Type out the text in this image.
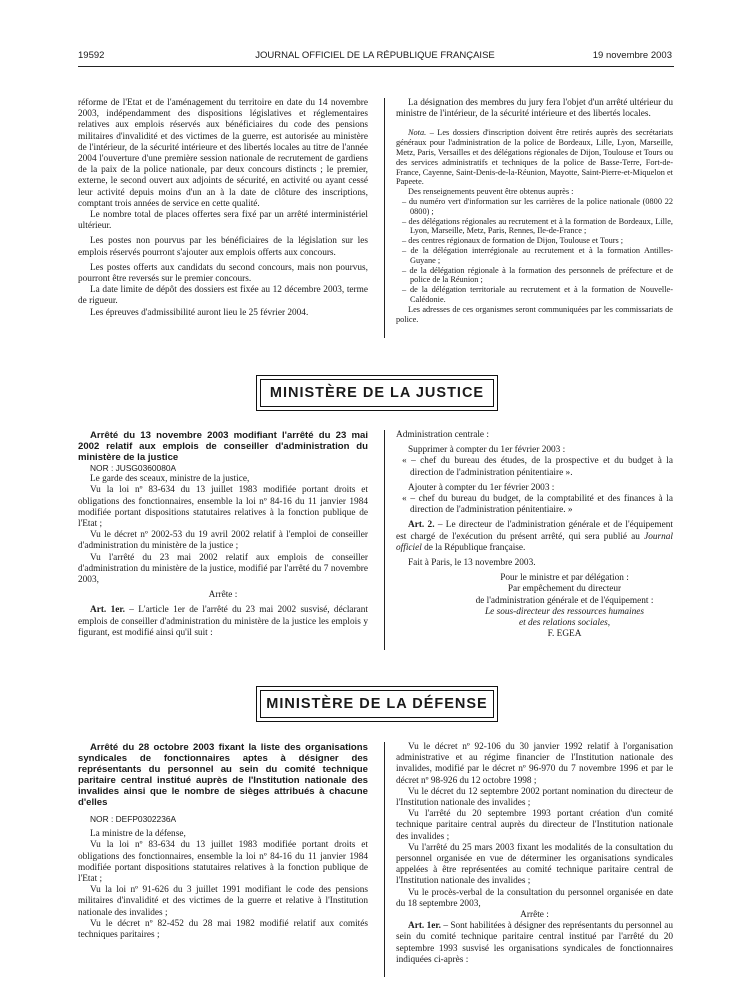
19592	JOURNAL OFFICIEL DE LA RÉPUBLIQUE FRANÇAISE	19 novembre 2003

réforme de l'Etat et de l'aménagement du territoire en date du 14 novembre 2003, indépendamment des dispositions législatives et réglementaires relatives aux emplois réservés aux bénéficiaires du code des pensions militaires d'invalidité et des victimes de la guerre, est autorisée au ministère de l'intérieur, de la sécurité intérieure et des libertés locales au titre de l'année 2004 l'ouverture d'une première session nationale de recrutement de gardiens de la paix de la police nationale, par deux concours distincts ; le premier, externe, le second ouvert aux adjoints de sécurité, en activité ou ayant cessé leur activité depuis moins d'un an à la date de clôture des inscriptions, comptant trois années de service en cette qualité.

Le nombre total de places offertes sera fixé par un arrêté interministériel ultérieur.

Les postes non pourvus par les bénéficiaires de la législation sur les emplois réservés pourront s'ajouter aux emplois offerts aux concours.

Les postes offerts aux candidats du second concours, mais non pourvus, pourront être reversés sur le premier concours.

La date limite de dépôt des dossiers est fixée au 12 décembre 2003, terme de rigueur.

Les épreuves d'admissibilité auront lieu le 25 février 2004.

La désignation des membres du jury fera l'objet d'un arrêté ultérieur du ministre de l'intérieur, de la sécurité intérieure et des libertés locales.

Nota. – Les dossiers d'inscription doivent être retirés auprès des secrétariats généraux pour l'administration de la police de Bordeaux, Lille, Lyon, Marseille, Metz, Paris, Versailles et des délégations régionales de Dijon, Toulouse et Tours ou des services administratifs et techniques de la police de Basse-Terre, Fort-de-France, Cayenne, Saint-Denis-de-la-Réunion, Mayotte, Saint-Pierre-et-Miquelon et Papeete.

Des renseignements peuvent être obtenus auprès :

– du numéro vert d'information sur les carrières de la police nationale (0800 22 0800) ;

– des délégations régionales au recrutement et à la formation de Bordeaux, Lille, Lyon, Marseille, Metz, Paris, Rennes, Ile-de-France ;

– des centres régionaux de formation de Dijon, Toulouse et Tours ;

– de la délégation interrégionale au recrutement et à la formation Antilles-Guyane ;

– de la délégation régionale à la formation des personnels de préfecture et de police de la Réunion ;

– de la délégation territoriale au recrutement et à la formation de Nouvelle-Calédonie.

Les adresses de ces organismes seront communiquées par les commissariats de police.

MINISTÈRE DE LA JUSTICE

Arrêté du 13 novembre 2003 modifiant l'arrêté du 23 mai 2002 relatif aux emplois de conseiller d'administration du ministère de la justice

NOR : JUSG0360080A

Le garde des sceaux, ministre de la justice,

Vu la loi nº 83-634 du 13 juillet 1983 modifiée portant droits et obligations des fonctionnaires, ensemble la loi nº 84-16 du 11 janvier 1984 modifiée portant dispositions statutaires relatives à la fonction publique de l'Etat ;

Vu le décret nº 2002-53 du 19 avril 2002 relatif à l'emploi de conseiller d'administration du ministère de la justice ;

Vu l'arrêté du 23 mai 2002 relatif aux emplois de conseiller d'administration du ministère de la justice, modifié par l'arrêté du 7 novembre 2003,

Arrête :

Art. 1er. – L'article 1er de l'arrêté du 23 mai 2002 susvisé, déclarant emplois de conseiller d'administration du ministère de la justice les emplois y figurant, est modifié ainsi qu'il suit :

Administration centrale :

Supprimer à compter du 1er février 2003 :

« – chef du bureau des études, de la prospective et du budget à la direction de l'administration pénitentiaire ».

Ajouter à compter du 1er février 2003 :

« – chef du bureau du budget, de la comptabilité et des finances à la direction de l'administration pénitentiaire. »

Art. 2. – Le directeur de l'administration générale et de l'équipement est chargé de l'exécution du présent arrêté, qui sera publié au Journal officiel de la République française.

Fait à Paris, le 13 novembre 2003.

Pour le ministre et par délégation :

Par empêchement du directeur

de l'administration générale et de l'équipement :

Le sous-directeur des ressources humaines

et des relations sociales,

F. EGEA

MINISTÈRE DE LA DÉFENSE

Arrêté du 28 octobre 2003 fixant la liste des organisations syndicales de fonctionnaires aptes à désigner des représentants du personnel au sein du comité technique paritaire central institué auprès de l'Institution nationale des invalides ainsi que le nombre de sièges attribués à chacune d'elles

NOR : DEFP0302236A

La ministre de la défense,

Vu la loi nº 83-634 du 13 juillet 1983 modifiée portant droits et obligations des fonctionnaires, ensemble la loi nº 84-16 du 11 janvier 1984 modifiée portant dispositions statutaires relatives à la fonction publique de l'Etat ;

Vu la loi nº 91-626 du 3 juillet 1991 modifiant le code des pensions militaires d'invalidité et des victimes de la guerre et relative à l'Institution nationale des invalides ;

Vu le décret nº 82-452 du 28 mai 1982 modifié relatif aux comités techniques paritaires ;

Vu le décret nº 92-106 du 30 janvier 1992 relatif à l'organisation administrative et au régime financier de l'Institution nationale des invalides, modifié par le décret nº 96-970 du 7 novembre 1996 et par le décret nº 98-926 du 12 octobre 1998 ;

Vu le décret du 12 septembre 2002 portant nomination du directeur de l'Institution nationale des invalides ;

Vu l'arrêté du 20 septembre 1993 portant création d'un comité technique paritaire central auprès du directeur de l'Institution nationale des invalides ;

Vu l'arrêté du 25 mars 2003 fixant les modalités de la consultation du personnel organisée en vue de déterminer les organisations syndicales appelées à être représentées au comité technique paritaire central de l'Institution nationale des invalides ;

Vu le procès-verbal de la consultation du personnel organisée en date du 18 septembre 2003,

Arrête :

Art. 1er. – Sont habilitées à désigner des représentants du personnel au sein du comité technique paritaire central institué par l'arrêté du 20 septembre 1993 susvisé les organisations syndicales de fonctionnaires indiquées ci-après :
